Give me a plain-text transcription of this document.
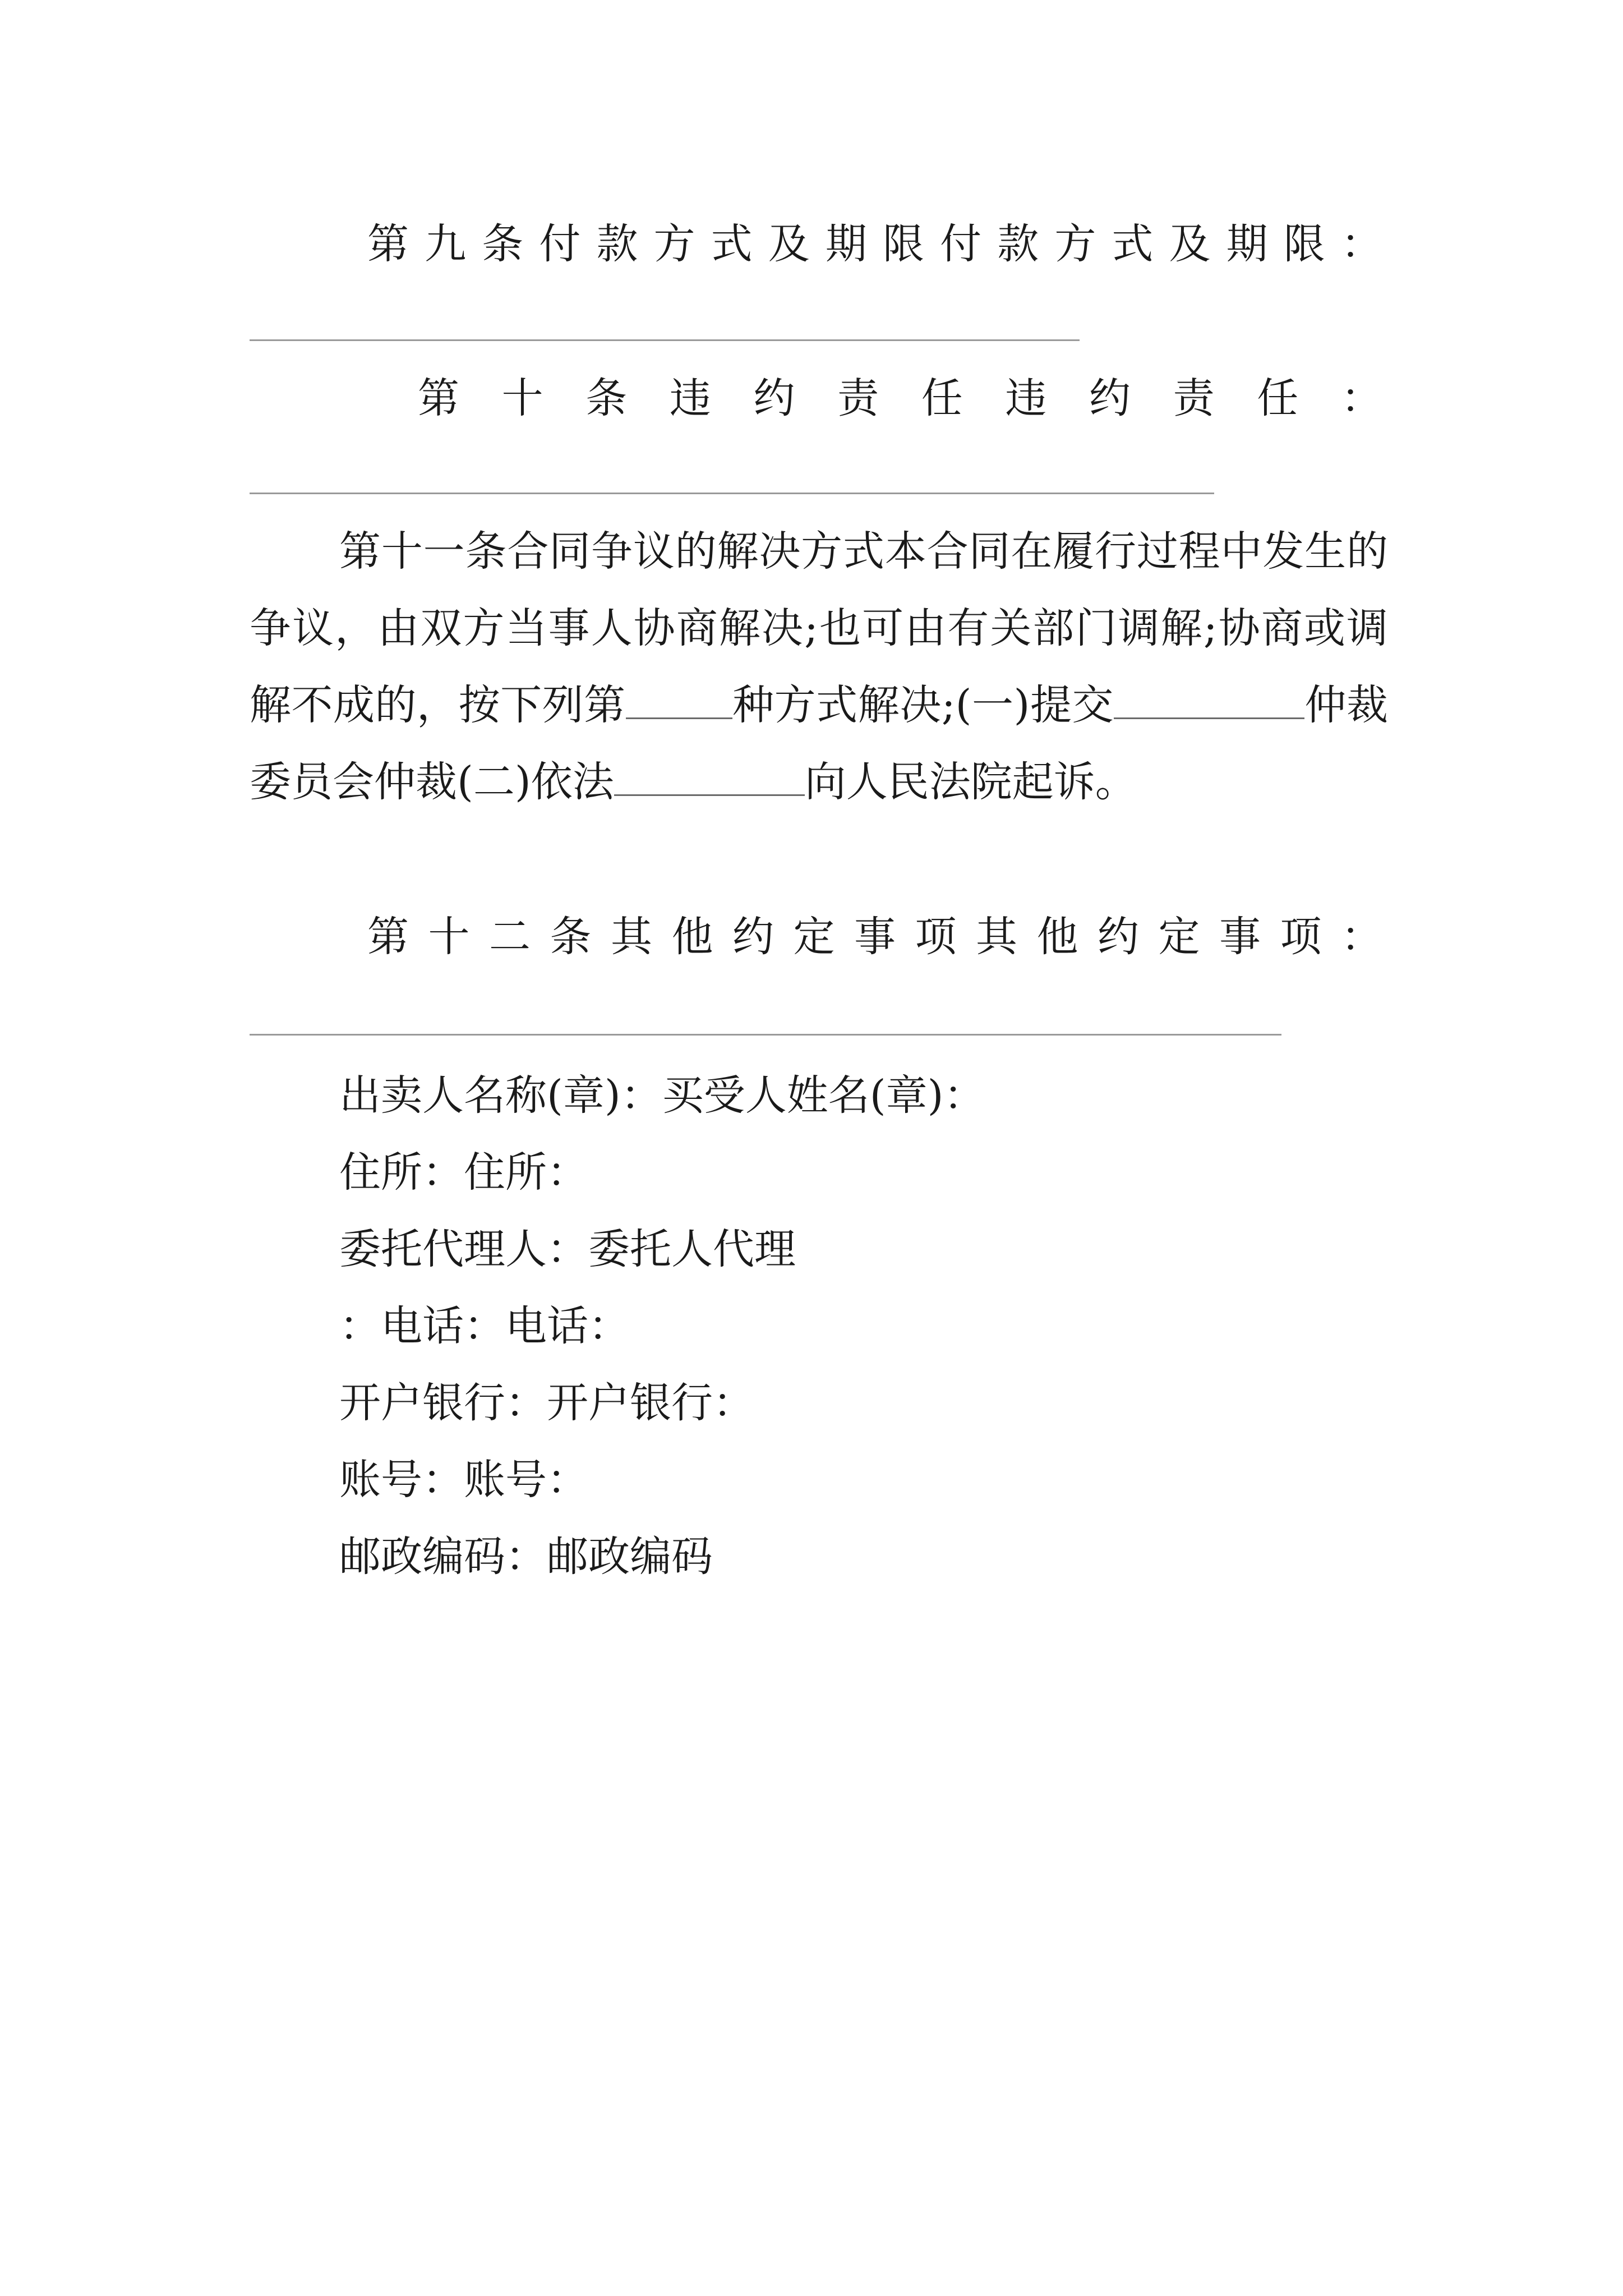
第 九 条 付 款 方 式 及 期 限 付 款 方 式 及 期 限 ：
第 十 条 违 约 责 任 违 约 责 任 ：
第十一条合同争议的解决方式本合同在履行过程中发生的争议，由双方当事人协商解决;也可由有关部门调解;协商或调解不成的，按下列第	种方式解决;(一)提交	仲裁委员会仲裁(二)依法	向人民法院起诉。
第 十 二 条 其 他 约 定 事 项 其 他 约 定 事 项 ：
出卖人名称(章)：买受人姓名(章)：
住所：住所：
委托代理人：委托人代理
：电话：电话：
开户银行：开户银行：
账号：账号：
邮政编码：邮政编码
